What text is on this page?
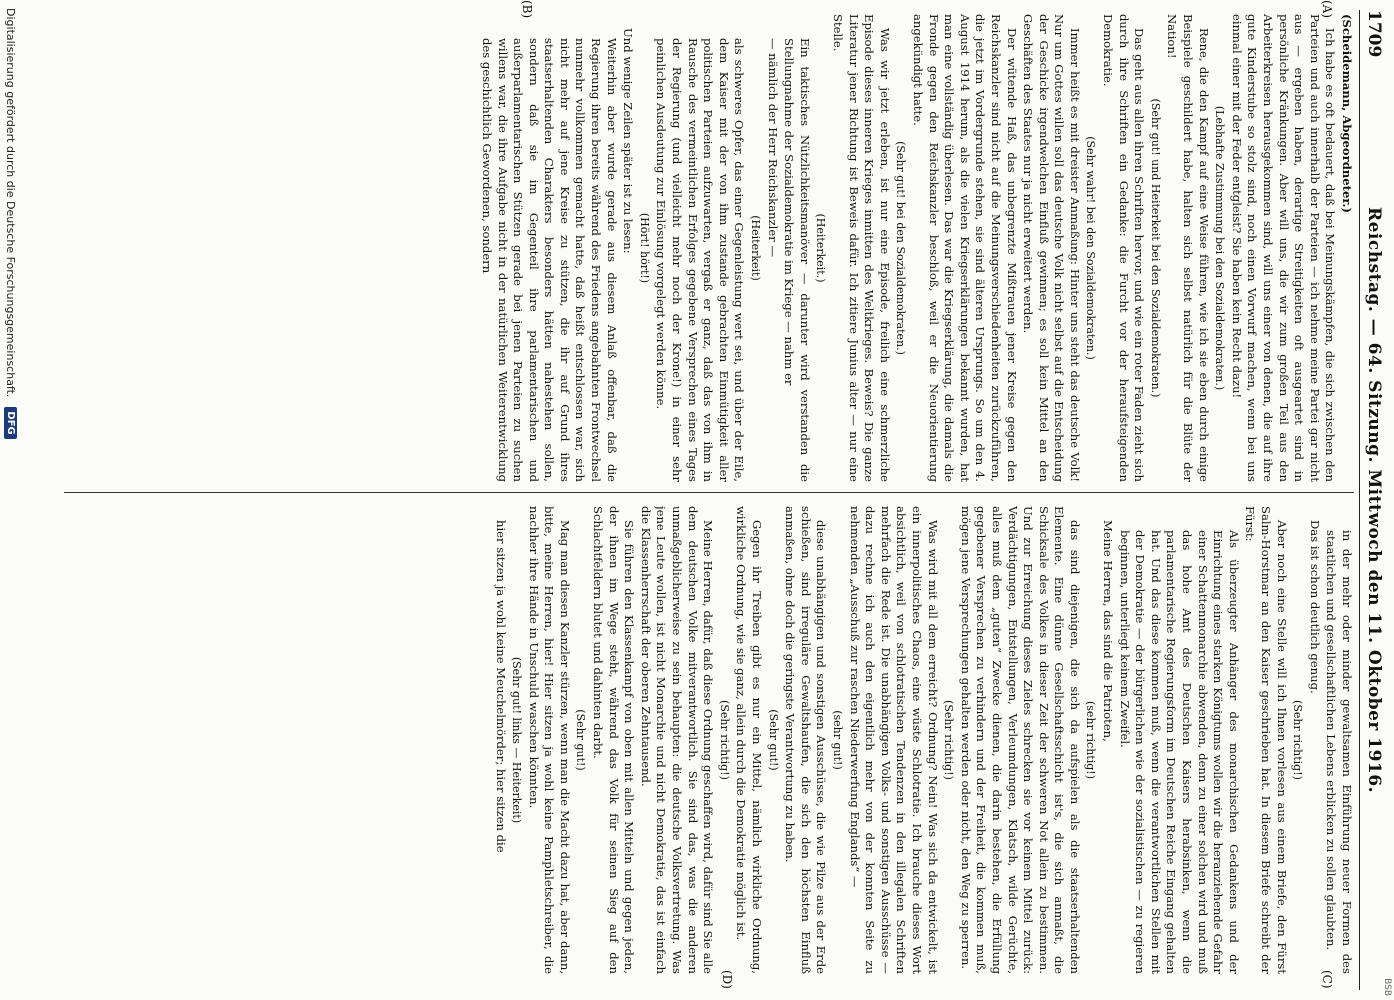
BSB
1709
Reichstag. — 64. Sitzung. Mittwoch den 11. Oktober 1916.
(A)
(B)
(C)
(D)

(Scheidemann, Abgeordneter.)

Ich habe es oft bedauert, daß bei Meinungskämpfen, die sich zwischen den Parteien und auch innerhalb der Parteien — ich nehme meine Partei gar nicht aus — ergeben haben, derartige Streitigkeiten oft ausgeartet sind in persönliche Kränkungen. Aber will uns, die wir zum großen Teil aus den Arbeiterkreisen herausgekommen sind, will uns einer von denen, die auf ihre gute Kinderstube so stolz sind, noch einen Vorwurf machen, wenn bei uns einmal einer mit der Feder entgleist? Sie haben kein Recht dazu!

(Lebhafte Zustimmung bei den Sozialdemokraten.)

Rene, die den Kampf auf eine Weise führen, wie ich sie eben durch einige Beispiele geschildert habe, halten sich selbst natürlich für die Blüte der Nation!

(Sehr gut! und Heiterkeit bei den Sozialdemokraten.)

Das geht aus allen ihren Schriften hervor, und wie ein roter Faden zieht sich durch ihre Schriften ein Gedanke: die Furcht vor der heraufsteigenden Demokratie.

(Sehr wahr! bei den Sozialdemokraten.)

Immer heißt es mit dreister Anmaßung: Hinter uns steht das deutsche Volk! Nur um Gottes willen soll das deutsche Volk nicht selbst auf die Entscheidung der Geschicke irgendwelchen Einfluß gewinnen; es soll kein Mittel an den Geschäften des Staates nur ja nicht erweitert werden.

Der wütende Haß, das unbegrenzte Mißtrauen jener Kreise gegen den Reichskanzler sind nicht auf die Meinungsverschiedenheiten zurückzuführen, die jetzt im Vordergrunde stehen, sie sind älteren Ursprungs. So um den 4. August 1914 herum, als die vielen Kriegserklärungen bekannt wurden, hat man eine vollständig überlesen. Das war die Kriegserklärung, die damals die Fronde gegen den Reichskanzler beschloß, weil er die Neuorientierung angekündigt hatte.

(Sehr gut! bei den Sozialdemokraten.)

Was wir jetzt erleben, ist nur eine Episode, freilich eine schmerzliche Episode dieses inneren Krieges inmitten des Weltkrieges. Beweis? Die ganze Literatur jener Richtung ist Beweis dafür. Ich zitiere Junius alter — nur eine Stelle.

(Heiterkeit.)

Ein taktisches Nützlichkeitsmanöver — darunter wird verstanden die Stellungnahme der Sozialdemokratie im Kriege — nahm er

— nämlich der Herr Reichskanzler —

(Heiterkeit)

als schweres Opfer, das einer Gegenleistung wert sei, und über der Eile, dem Kaiser mit der von ihm zustande gebrachten Einmütigkeit aller politischen Parteien aufzuwarten, vergaß er ganz, daß das von ihm in Rausche des vermeintlichen Erfolges gegebene Versprechen eines Tages der Regierung (und vielleicht mehr noch der Krone!) in einer sehr peinlichen Ausdeutung zur Einlösung vorgelegt werden könne.

(Hört! hört!)

Und wenige Zeilen später ist zu lesen:

Weiterhin aber wurde gerade aus diesem Anlaß offenbar, daß die Regierung ihren bereits während des Friedens angebahnten Frontwechsel nunmehr vollkommen gemacht hatte, daß heißt entschlossen war, sich nicht mehr auf jene Kreise zu stützen, die ihr auf Grund ihres staatserhaltenden Charakters besonders hätten nahestehen sollen, sondern daß sie im Gegenteil ihre parlamentarischen und außerparlamentarischen Stützen gerade bei jenen Parteien zu suchen willens war, die ihre Aufgabe nicht in der natürlichen Weiterentwicklung des geschichtlich Gewordenen, sondern

in der mehr oder minder gewaltsamen Einführung neuer Formen des staatlichen und gesellschaftlichen Lebens erblicken zu sollen glaubten.

Das ist schon deutlich genug.

(Sehr richtig!)

Aber noch eine Stelle will ich Ihnen vorlesen aus einem Briefe, den Fürst Salm-Horstmar an den Kaiser geschrieben hat. In diesem Briefe schreibt der Fürst:

Als überzeugter Anhänger des monarchischen Gedankens und der Einrichtung eines starken Königtums wollen wir die heranziehende Gefahr einer Schattenmonarchie abwenden, denn zu einer solchen wird und muß das hohe Amt des Deutschen Kaisers herabsinken, wenn die parlamentarische Regierungsform im Deutschen Reiche Eingang gehalten hat. Und das diese kommen muß, wenn die verantwortlichen Stellen mit der Demokratie — der bürgerlichen wie der sozialistischen — zu regieren beginnen, unterliegt keinem Zweifel.

Meine Herren, das sind die Patrioten,

(sehr richtig!)

das sind diejenigen, die sich da aufspielen als die staatserhaltenden Elemente. Eine dünne Gesellschaftsschicht ist's, die sich anmaßt, die Schicksale des Volkes in dieser Zeit der schweren Not allein zu bestimmen. Und zur Erreichung dieses Zieles schrecken sie vor keinem Mittel zurück: Verdächtigungen, Entstellungen, Verleumdungen, Klatsch, wilde Gerüchte, alles muß dem „guten“ Zwecke dienen, die darin bestehen, die Erfüllung gegebener Versprechen zu verhindern und der Freiheit, die kommen muß, mögen jene Versprechungen gehalten werden oder nicht, den Weg zu sperren.

(Sehr richtig!)

Was wird mit all dem erreicht? Ordnung? Nein! Was sich da entwickelt, ist ein innerpolitisches Chaos, eine wüste Schlotratie. Ich brauche dieses Wort absichtlich, weil von schlotratischen Tendenzen in den illegalen Schriften mehrfach die Rede ist. Die unabhängigen Volks- und sonstigen Ausschüsse — dazu rechne ich auch den eigentlich mehr von der konnten Seite zu nehmenden „Ausschuß zur raschen Niederwerfung Englands“ —

(sehr gut!)

diese unabhängigen und sonstigen Ausschüsse, die wie Pilze aus der Erde schießen, sind irreguläre Gewaltshaufen, die sich den höchsten Einfluß anmaßen, ohne doch die geringste Verantwortung zu haben.

(Sehr gut!)

Gegen ihr Treiben gibt es nur ein Mittel, nämlich wirkliche Ordnung, wirkliche Ordnung, wie sie ganz, allein durch die Demokratie möglich ist.

(Sehr richtig!)

Meine Herren, dafür, daß diese Ordnung geschaffen wird, dafür sind Sie alle dem deutschen Volke mitverantwortlich. Sie sind das, was die anderen unmaßgeblicherweise zu sein behaupten: die deutsche Volksvertretung. Was jene Leute wollen, ist nicht Monarchie und nicht Demokratie, das ist einfach die Klassenherrschaft der oberen Zehntausend.

Sie führen den Klassenkampf von oben mit allen Mitteln und gegen jeden, der ihnen im Wege steht, während das Volk für seinen Sieg auf den Schlachtfeldern blutet und dahinten darbt.

(Sehr gut!)

Mag man diesen Kanzler stürzen, wenn man die Macht dazu hat, aber dann, bitte, meine Herren, hier! Hier sitzen ja wohl keine Pamphletschreiber, die nachher ihre Hände in Unschuld waschen könnten.

(Sehr gut! links — Heiterkeit)

hier sitzen ja wohl keine Meuchelmörder; hier sitzen die

Digitalisierung gefördert durch die Deutsche Forschungsgemeinschaft.
DFG
